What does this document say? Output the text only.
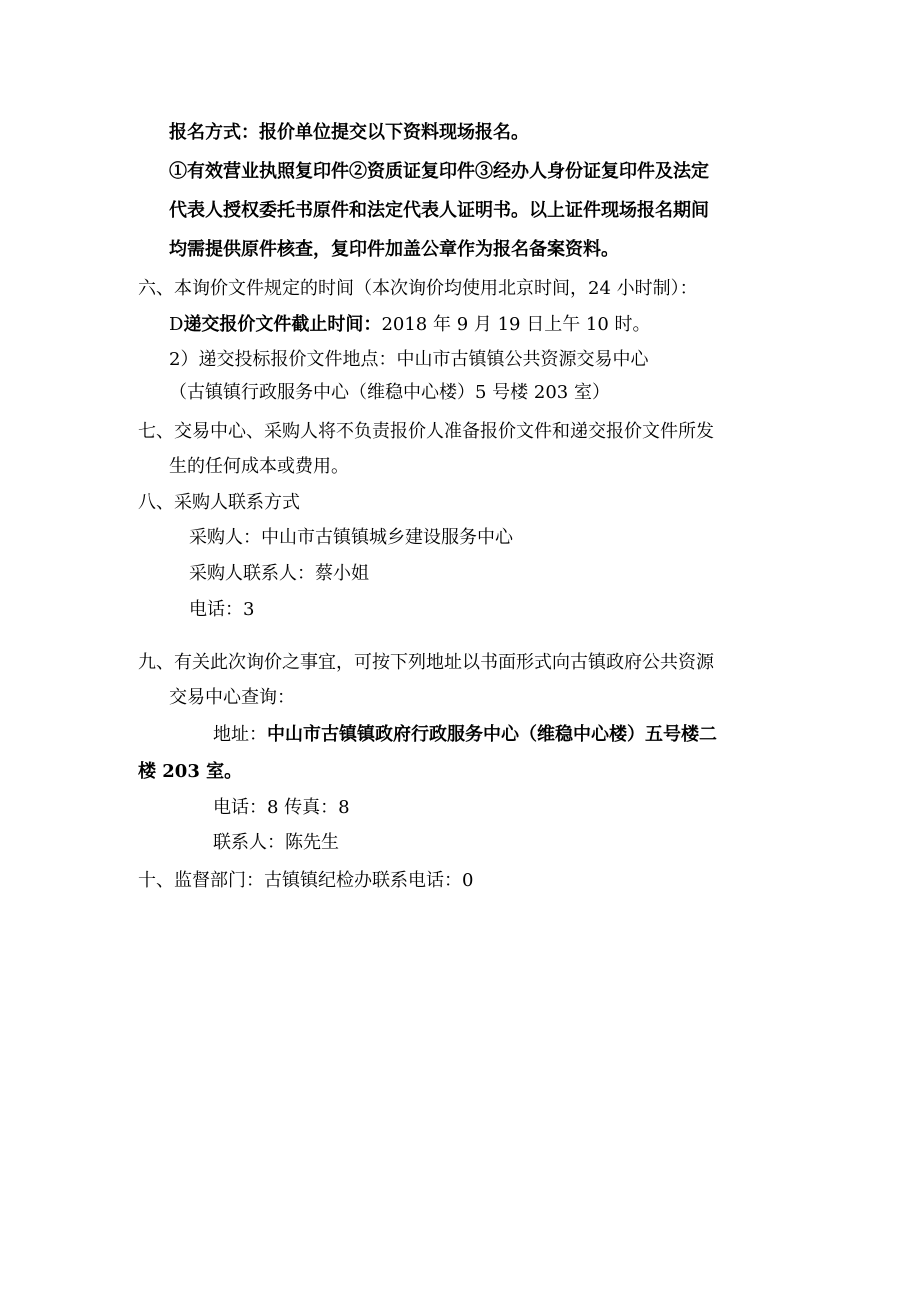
报名方式：报价单位提交以下资料现场报名。
①有效营业执照复印件②资质证复印件③经办人身份证复印件及法定
代表人授权委托书原件和法定代表人证明书。以上证件现场报名期间
均需提供原件核查，复印件加盖公章作为报名备案资料。
六、本询价文件规定的时间（本次询价均使用北京时间，24 小时制）：
D递交报价文件截止时间：2018 年 9 月 19 日上午 10 时。
2）递交投标报价文件地点：中山市古镇镇公共资源交易中心
（古镇镇行政服务中心（维稳中心楼）5 号楼 203 室）
七、交易中心、采购人将不负责报价人准备报价文件和递交报价文件所发
生的任何成本或费用。
八、采购人联系方式
采购人：中山市古镇镇城乡建设服务中心
采购人联系人：蔡小姐
电话：3
九、有关此次询价之事宜，可按下列地址以书面形式向古镇政府公共资源
交易中心查询：
地址：中山市古镇镇政府行政服务中心（维稳中心楼）五号楼二
楼 203 室。
电话：8 传真：8
联系人：陈先生
十、监督部门：古镇镇纪检办联系电话：0
